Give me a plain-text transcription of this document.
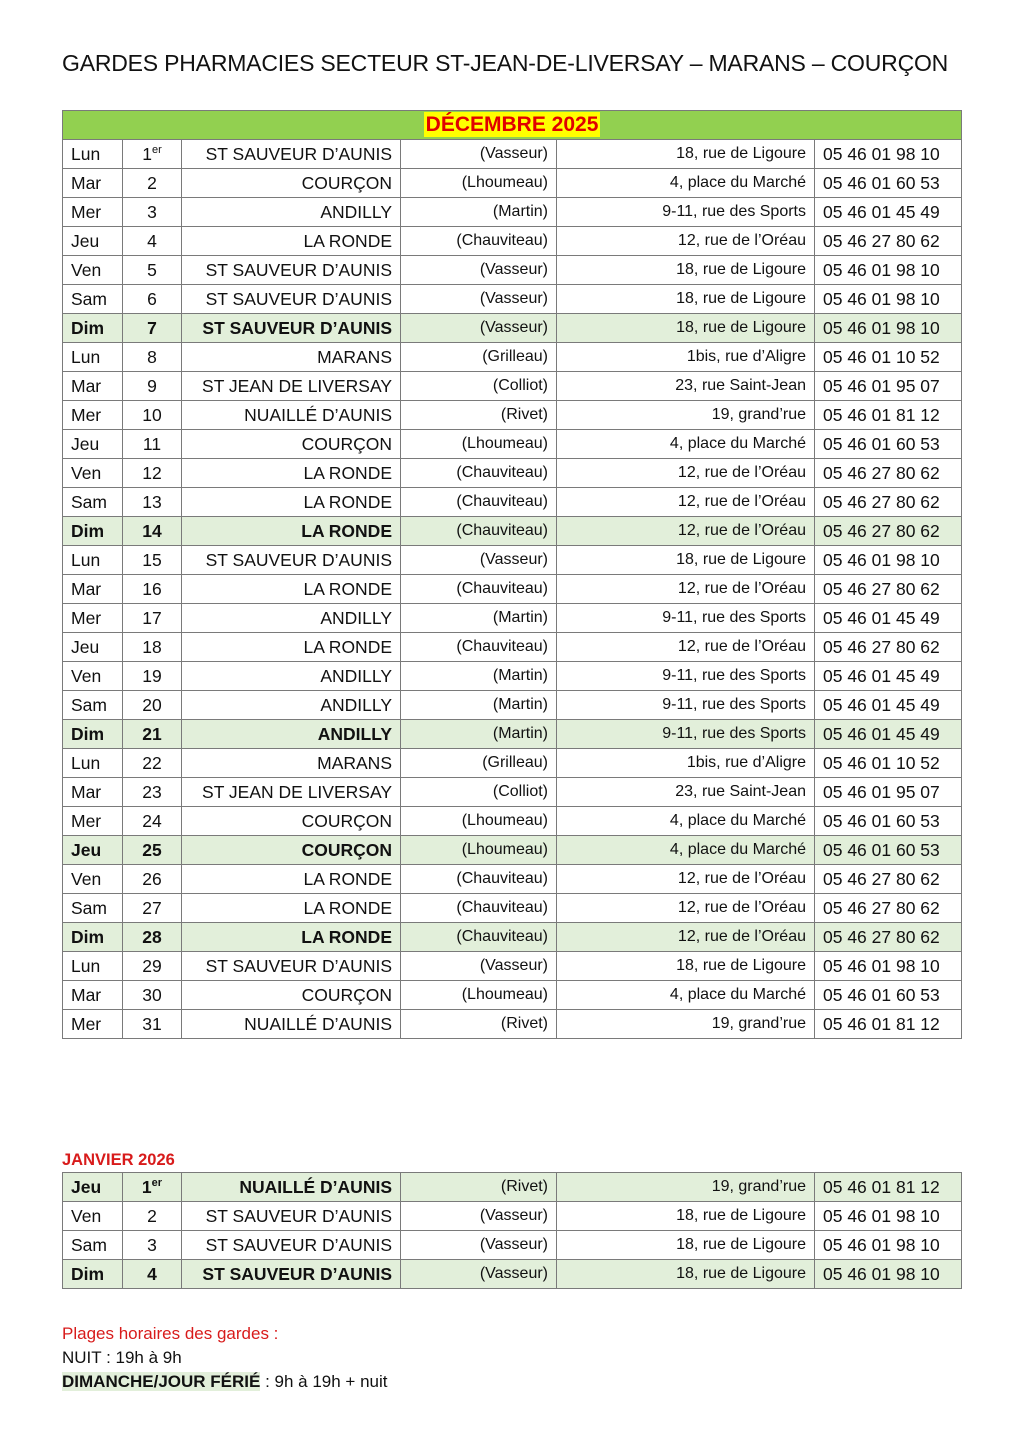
GARDES PHARMACIES SECTEUR ST-JEAN-DE-LIVERSAY – MARANS – COURÇON
DÉCEMBRE 2025					
Lun	1er	ST SAUVEUR D’AUNIS	(Vasseur)	18, rue de Ligoure	05 46 01 98 10
Mar	2	COURÇON	(Lhoumeau)	4, place du Marché	05 46 01 60 53
Mer	3	ANDILLY	(Martin)	9-11, rue des Sports	05 46 01 45 49
Jeu	4	LA RONDE	(Chauviteau)	12, rue de l’Oréau	05 46 27 80 62
Ven	5	ST SAUVEUR D’AUNIS	(Vasseur)	18, rue de Ligoure	05 46 01 98 10
Sam	6	ST SAUVEUR D’AUNIS	(Vasseur)	18, rue de Ligoure	05 46 01 98 10
Dim	7	ST SAUVEUR D’AUNIS	(Vasseur)	18, rue de Ligoure	05 46 01 98 10
Lun	8	MARANS	(Grilleau)	1bis, rue d’Aligre	05 46 01 10 52
Mar	9	ST JEAN DE LIVERSAY	(Colliot)	23, rue Saint-Jean	05 46 01 95 07
Mer	10	NUAILLÉ D’AUNIS	(Rivet)	19, grand’rue	05 46 01 81 12
Jeu	11	COURÇON	(Lhoumeau)	4, place du Marché	05 46 01 60 53
Ven	12	LA RONDE	(Chauviteau)	12, rue de l’Oréau	05 46 27 80 62
Sam	13	LA RONDE	(Chauviteau)	12, rue de l’Oréau	05 46 27 80 62
Dim	14	LA RONDE	(Chauviteau)	12, rue de l’Oréau	05 46 27 80 62
Lun	15	ST SAUVEUR D’AUNIS	(Vasseur)	18, rue de Ligoure	05 46 01 98 10
Mar	16	LA RONDE	(Chauviteau)	12, rue de l’Oréau	05 46 27 80 62
Mer	17	ANDILLY	(Martin)	9-11, rue des Sports	05 46 01 45 49
Jeu	18	LA RONDE	(Chauviteau)	12, rue de l’Oréau	05 46 27 80 62
Ven	19	ANDILLY	(Martin)	9-11, rue des Sports	05 46 01 45 49
Sam	20	ANDILLY	(Martin)	9-11, rue des Sports	05 46 01 45 49
Dim	21	ANDILLY	(Martin)	9-11, rue des Sports	05 46 01 45 49
Lun	22	MARANS	(Grilleau)	1bis, rue d’Aligre	05 46 01 10 52
Mar	23	ST JEAN DE LIVERSAY	(Colliot)	23, rue Saint-Jean	05 46 01 95 07
Mer	24	COURÇON	(Lhoumeau)	4, place du Marché	05 46 01 60 53
Jeu	25	COURÇON	(Lhoumeau)	4, place du Marché	05 46 01 60 53
Ven	26	LA RONDE	(Chauviteau)	12, rue de l’Oréau	05 46 27 80 62
Sam	27	LA RONDE	(Chauviteau)	12, rue de l’Oréau	05 46 27 80 62
Dim	28	LA RONDE	(Chauviteau)	12, rue de l’Oréau	05 46 27 80 62
Lun	29	ST SAUVEUR D’AUNIS	(Vasseur)	18, rue de Ligoure	05 46 01 98 10
Mar	30	COURÇON	(Lhoumeau)	4, place du Marché	05 46 01 60 53
Mer	31	NUAILLÉ D’AUNIS	(Rivet)	19, grand’rue	05 46 01 81 12
JANVIER 2026
Jeu	1er	NUAILLÉ D’AUNIS	(Rivet)	19, grand’rue	05 46 01 81 12
Ven	2	ST SAUVEUR D’AUNIS	(Vasseur)	18, rue de Ligoure	05 46 01 98 10
Sam	3	ST SAUVEUR D’AUNIS	(Vasseur)	18, rue de Ligoure	05 46 01 98 10
Dim	4	ST SAUVEUR D’AUNIS	(Vasseur)	18, rue de Ligoure	05 46 01 98 10
Plages horaires des gardes :
NUIT : 19h à 9h
DIMANCHE/JOUR FÉRIÉ : 9h à 19h + nuit
